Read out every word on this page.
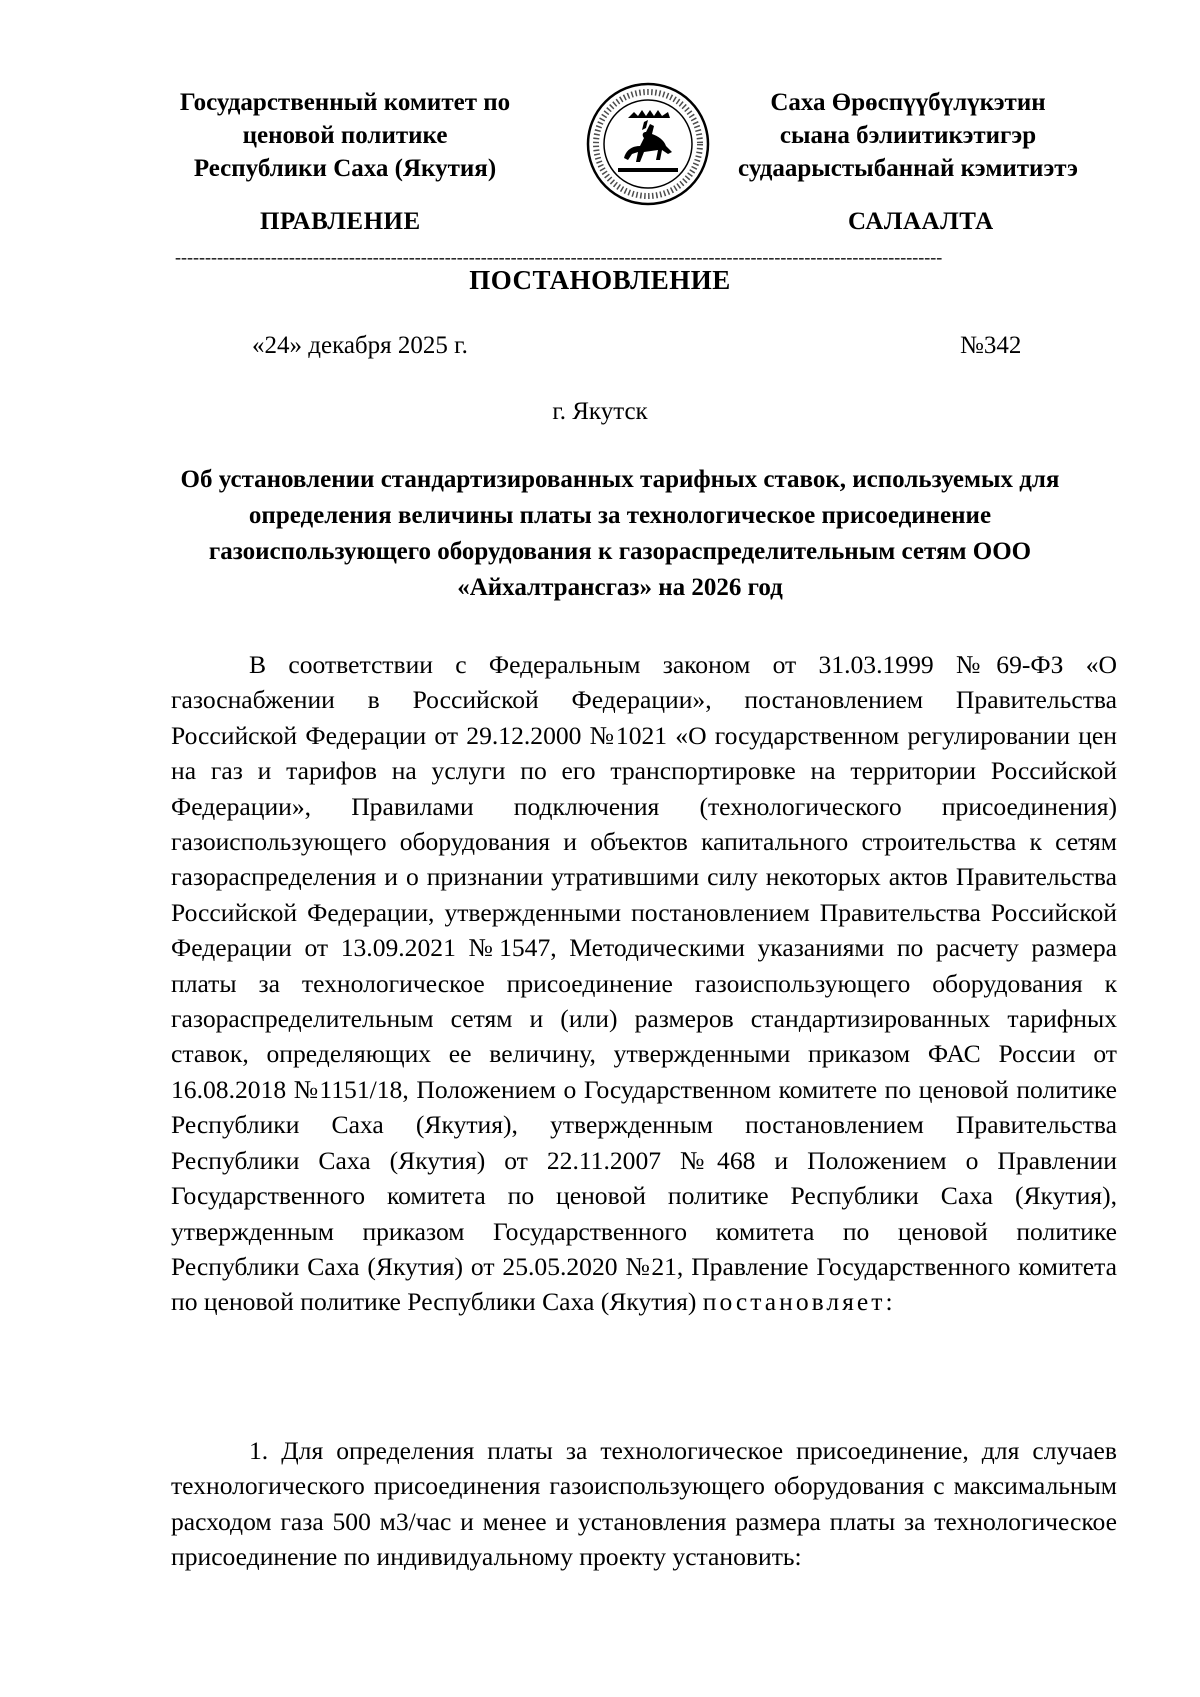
Государственный комитет по
ценовой политике
Республики Саха (Якутия)
Саха Өрөспүүбүлүкэтин
сыана бэлиитикэтигэр
судаарыстыбаннай кэмитиэтэ
ПРАВЛЕНИЕ	САЛААЛТА
--------------------------------------------------------------------------------------------------------------------------------
ПОСТАНОВЛЕНИЕ
«24» декабря 2025 г.	№342
г. Якутск
Об установлении стандартизированных тарифных ставок, используемых для определения величины платы за технологическое присоединение газоиспользующего оборудования к газораспределительным сетям ООО «Айхалтрансгаз» на 2026 год
В соответствии с Федеральным законом от 31.03.1999 №69-ФЗ «О газоснабжении в Российской Федерации», постановлением Правительства Российской Федерации от 29.12.2000 №1021 «О государственном регулировании цен на газ и тарифов на услуги по его транспортировке на территории Российской Федерации», Правилами подключения (технологического присоединения) газоиспользующего оборудования и объектов капитального строительства к сетям газораспределения и о признании утратившими силу некоторых актов Правительства Российской Федерации, утвержденными постановлением Правительства Российской Федерации от 13.09.2021 №1547, Методическими указаниями по расчету размера платы за технологическое присоединение газоиспользующего оборудования к газораспределительным сетям и (или) размеров стандартизированных тарифных ставок, определяющих ее величину, утвержденными приказом ФАС России от 16.08.2018 №1151/18, Положением о Государственном комитете по ценовой политике Республики Саха (Якутия), утвержденным постановлением Правительства Республики Саха (Якутия) от 22.11.2007 №468 и Положением о Правлении Государственного комитета по ценовой политике Республики Саха (Якутия), утвержденным приказом Государственного комитета по ценовой политике Республики Саха (Якутия) от 25.05.2020 №21, Правление Государственного комитета по ценовой политике Республики Саха (Якутия) постановляет:
1. Для определения платы за технологическое присоединение, для случаев технологического присоединения газоиспользующего оборудования с максимальным расходом газа 500 м3/час и менее и установления размера платы за технологическое присоединение по индивидуальному проекту установить:
